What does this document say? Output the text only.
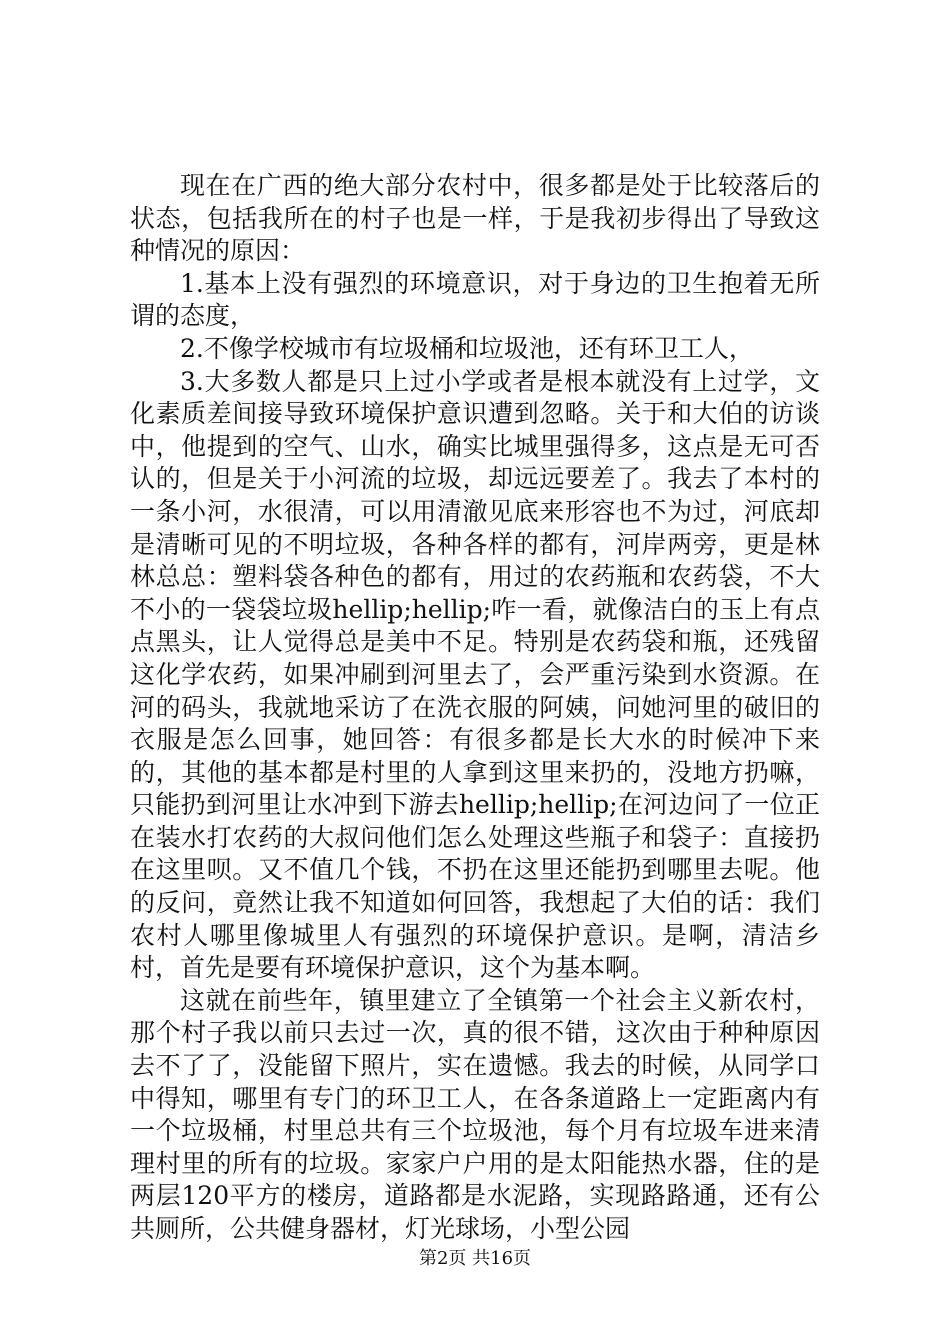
现在在广西的绝大部分农村中，很多都是处于比较落后的状态，包括我所在的村子也是一样，于是我初步得出了导致这种情况的原因：

1.基本上没有强烈的环境意识，对于身边的卫生抱着无所谓的态度，

2.不像学校城市有垃圾桶和垃圾池，还有环卫工人，

3.大多数人都是只上过小学或者是根本就没有上过学，文化素质差间接导致环境保护意识遭到忽略。关于和大伯的访谈中，他提到的空气、山水，确实比城里强得多，这点是无可否认的，但是关于小河流的垃圾，却远远要差了。我去了本村的一条小河，水很清，可以用清澈见底来形容也不为过，河底却是清晰可见的不明垃圾，各种各样的都有，河岸两旁，更是林林总总：塑料袋各种色的都有，用过的农药瓶和农药袋，不大不小的一袋袋垃圾hellip;hellip;咋一看，就像洁白的玉上有点点黑头，让人觉得总是美中不足。特别是农药袋和瓶，还残留这化学农药，如果冲刷到河里去了，会严重污染到水资源。在河的码头，我就地采访了在洗衣服的阿姨，问她河里的破旧的衣服是怎么回事，她回答：有很多都是长大水的时候冲下来的，其他的基本都是村里的人拿到这里来扔的，没地方扔嘛，只能扔到河里让水冲到下游去hellip;hellip;在河边问了一位正在装水打农药的大叔问他们怎么处理这些瓶子和袋子：直接扔在这里呗。又不值几个钱，不扔在这里还能扔到哪里去呢。他的反问，竟然让我不知道如何回答，我想起了大伯的话：我们农村人哪里像城里人有强烈的环境保护意识。是啊，清洁乡村，首先是要有环境保护意识，这个为基本啊。

这就在前些年，镇里建立了全镇第一个社会主义新农村，那个村子我以前只去过一次，真的很不错，这次由于种种原因去不了了，没能留下照片，实在遗憾。我去的时候，从同学口中得知，哪里有专门的环卫工人，在各条道路上一定距离内有一个垃圾桶，村里总共有三个垃圾池，每个月有垃圾车进来清理村里的所有的垃圾。家家户户用的是太阳能热水器，住的是两层120平方的楼房，道路都是水泥路，实现路路通，还有公共厕所，公共健身器材，灯光球场，小型公园

第2页 共16页
